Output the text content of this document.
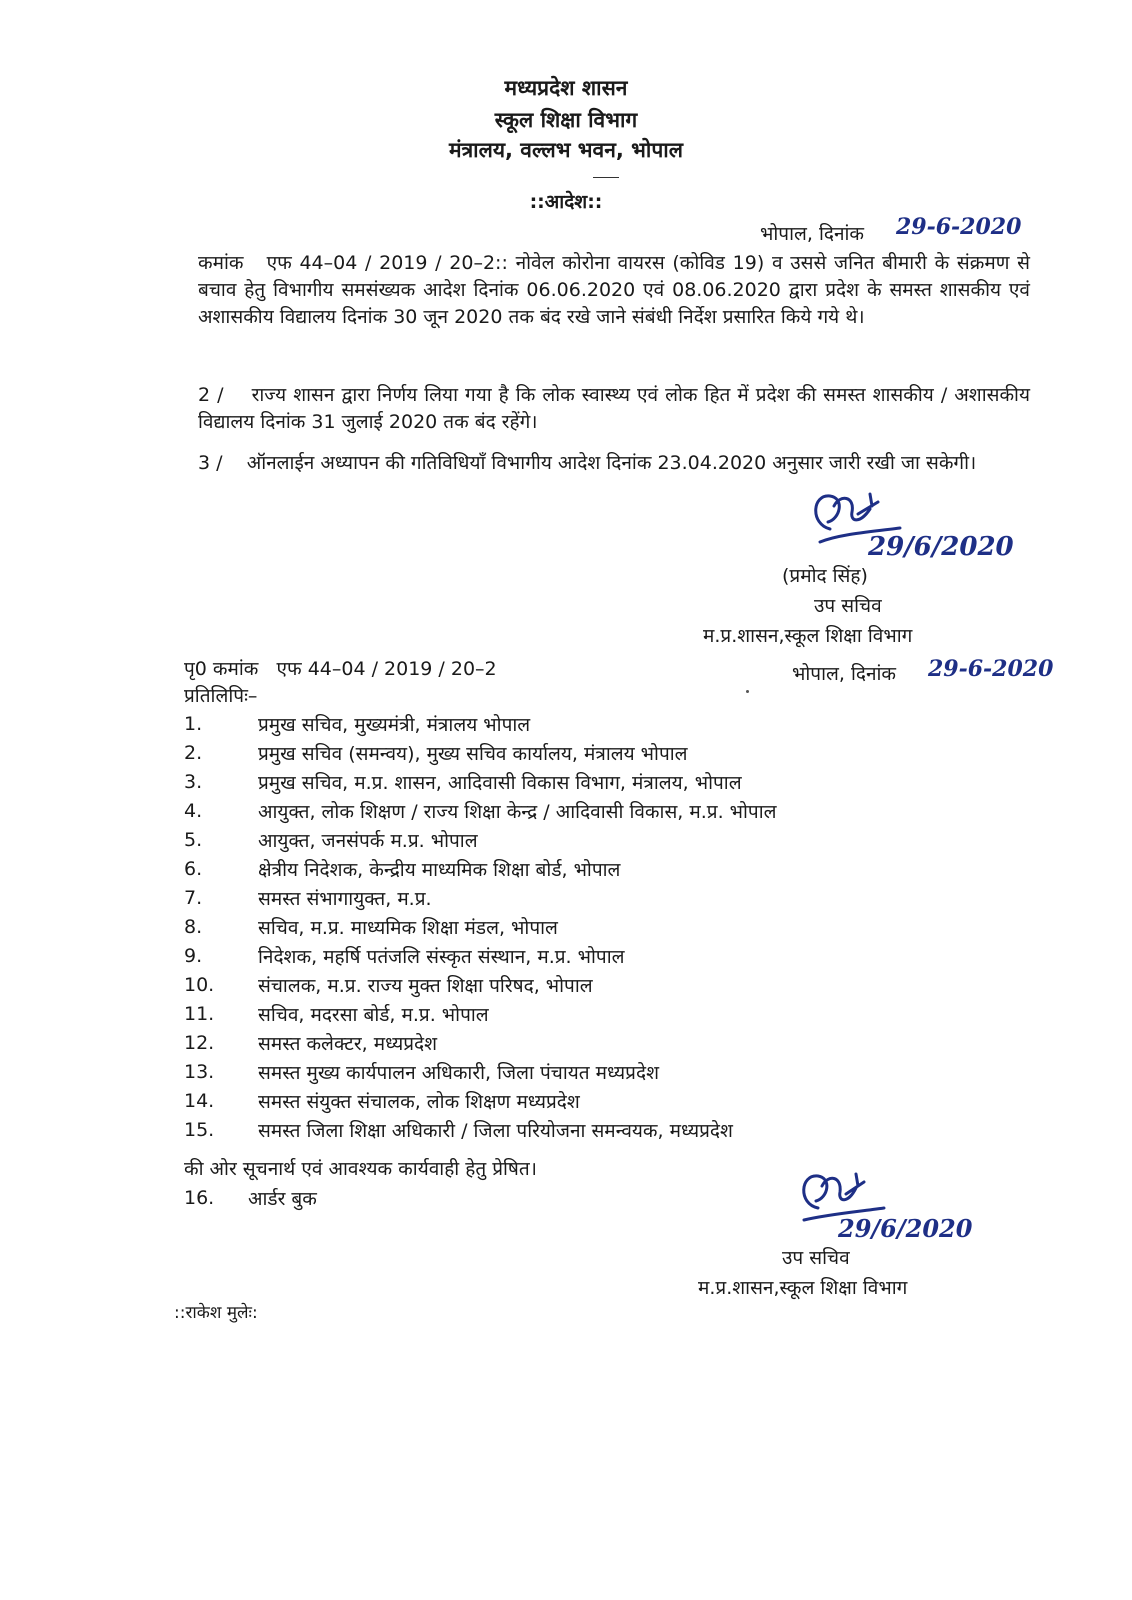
मध्यप्रदेश शासन
स्कूल शिक्षा विभाग
मंत्रालय, वल्लभ भवन, भोपाल
::आदेश::
भोपाल, दिनांक 29-6-2020
कमांक   एफ 44–04 / 2019 / 20–2:: नोवेल कोरोना वायरस (कोविड 19) व उससे जनित बीमारी के संक्रमण से बचाव हेतु विभागीय समसंख्यक आदेश दिनांक 06.06.2020 एवं 08.06.2020 द्वारा प्रदेश के समस्त शासकीय एवं अशासकीय विद्यालय दिनांक 30 जून 2020 तक बंद रखे जाने संबंधी निर्देश प्रसारित किये गये थे।
2 /    राज्य शासन द्वारा निर्णय लिया गया है कि लोक स्वास्थ्य एवं लोक हित में प्रदेश की समस्त शासकीय / अशासकीय विद्यालय दिनांक 31 जुलाई 2020 तक बंद रहेंगे।
3 /    ऑनलाईन अध्यापन की गतिविधियॉं विभागीय आदेश दिनांक 23.04.2020 अनुसार जारी रखी जा सकेगी।
29/6/2020
(प्रमोद सिंह)
उप सचिव
म.प्र.शासन,स्कूल शिक्षा विभाग
पृ0 कमांक   एफ 44–04 / 2019 / 20–2	भोपाल, दिनांक 29-6-2020
प्रतिलिपिः–
1.	प्रमुख सचिव, मुख्यमंत्री, मंत्रालय भोपाल
2.	प्रमुख सचिव (समन्वय), मुख्य सचिव कार्यालय, मंत्रालय भोपाल
3.	प्रमुख सचिव, म.प्र. शासन, आदिवासी विकास विभाग, मंत्रालय, भोपाल
4.	आयुक्त, लोक शिक्षण / राज्य शिक्षा केन्द्र / आदिवासी विकास, म.प्र. भोपाल
5.	आयुक्त, जनसंपर्क म.प्र. भोपाल
6.	क्षेत्रीय निदेशक, केन्द्रीय माध्यमिक शिक्षा बोर्ड, भोपाल
7.	समस्त संभागायुक्त, म.प्र.
8.	सचिव, म.प्र. माध्यमिक शिक्षा मंडल, भोपाल
9.	निदेशक, महर्षि पतंजलि संस्कृत संस्थान, म.प्र. भोपाल
10.	संचालक, म.प्र. राज्य मुक्त शिक्षा परिषद, भोपाल
11.	सचिव, मदरसा बोर्ड, म.प्र. भोपाल
12.	समस्त कलेक्टर, मध्यप्रदेश
13.	समस्त मुख्य कार्यपालन अधिकारी, जिला पंचायत मध्यप्रदेश
14.	समस्त संयुक्त संचालक, लोक शिक्षण मध्यप्रदेश
15.	समस्त जिला शिक्षा अधिकारी / जिला परियोजना समन्वयक, मध्यप्रदेश
की ओर सूचनार्थ एवं आवश्यक कार्यवाही हेतु प्रेषित।
16. आर्डर बुक
29/6/2020
उप सचिव
म.प्र.शासन,स्कूल शिक्षा विभाग
::राकेश मुलेः:
